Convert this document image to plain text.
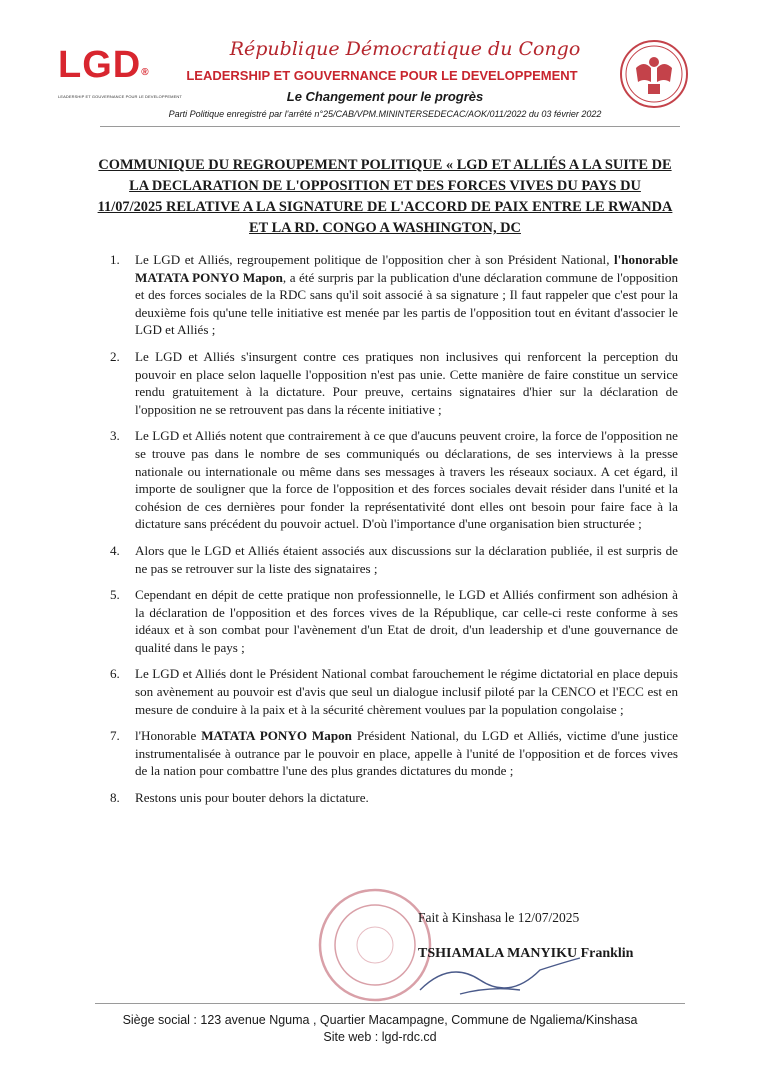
LGD®
LEADERSHIP ET GOUVERNANCE POUR LE DEVELOPPEMENT
République Démocratique du Congo
LEADERSHIP ET GOUVERNANCE POUR LE DEVELOPPEMENT
Le Changement pour le progrès
Parti Politique enregistré par l'arrêté n°25/CAB/VPM.MININTERSEDECAC/AOK/011/2022 du 03 février 2022
COMMUNIQUE DU REGROUPEMENT POLITIQUE « LGD ET ALLIÉS A LA SUITE DE LA DECLARATION DE L'OPPOSITION ET DES FORCES VIVES DU PAYS DU 11/07/2025 RELATIVE A LA SIGNATURE DE L'ACCORD DE PAIX ENTRE LE RWANDA ET LA RD. CONGO A WASHINGTON, DC
1. Le LGD et Alliés, regroupement politique de l'opposition cher à son Président National, l'honorable MATATA PONYO Mapon, a été surpris par la publication d'une déclaration commune de l'opposition et des forces sociales de la RDC sans qu'il soit associé à sa signature ; Il faut rappeler que c'est pour la deuxième fois qu'une telle initiative est menée par les partis de l'opposition tout en évitant d'associer le LGD et Alliés ;
2. Le LGD et Alliés s'insurgent contre ces pratiques non inclusives qui renforcent la perception du pouvoir en place selon laquelle l'opposition n'est pas unie. Cette manière de faire constitue un service rendu gratuitement à la dictature. Pour preuve, certains signataires d'hier sur la déclaration de l'opposition ne se retrouvent pas dans la récente initiative ;
3. Le LGD et Alliés notent que contrairement à ce que d'aucuns peuvent croire, la force de l'opposition ne se trouve pas dans le nombre de ses communiqués ou déclarations, de ses interviews à la presse nationale ou internationale ou même dans ses messages à travers les réseaux sociaux. A cet égard, il importe de souligner que la force de l'opposition et des forces sociales devait résider dans l'unité et la cohésion de ces dernières pour fonder la représentativité dont elles ont besoin pour faire face à la dictature sans précédent du pouvoir actuel. D'où l'importance d'une organisation bien structurée ;
4. Alors que le LGD et Alliés étaient associés aux discussions sur la déclaration publiée, il est surpris de ne pas se retrouver sur la liste des signataires ;
5. Cependant en dépit de cette pratique non professionnelle, le LGD et Alliés confirment son adhésion à la déclaration de l'opposition et des forces vives de la République, car celle-ci reste conforme à ses idéaux et à son combat pour l'avènement d'un Etat de droit, d'un leadership et d'une gouvernance de qualité dans le pays ;
6. Le LGD et Alliés dont le Président National combat farouchement le régime dictatorial en place depuis son avènement au pouvoir est d'avis que seul un dialogue inclusif piloté par la CENCO et l'ECC est en mesure de conduire à la paix et à la sécurité chèrement voulues par la population congolaise ;
7. l'Honorable MATATA PONYO Mapon Président National, du LGD et Alliés, victime d'une justice instrumentalisée à outrance par le pouvoir en place, appelle à l'unité de l'opposition et de forces vives de la nation pour combattre l'une des plus grandes dictatures du monde ;
8. Restons unis pour bouter dehors la dictature.
Fait à Kinshasa le 12/07/2025
TSHIAMALA MANYIKU Franklin
Siège social : 123 avenue Nguma , Quartier Macampagne, Commune de Ngaliema/Kinshasa
Site web : lgd-rdc.cd
